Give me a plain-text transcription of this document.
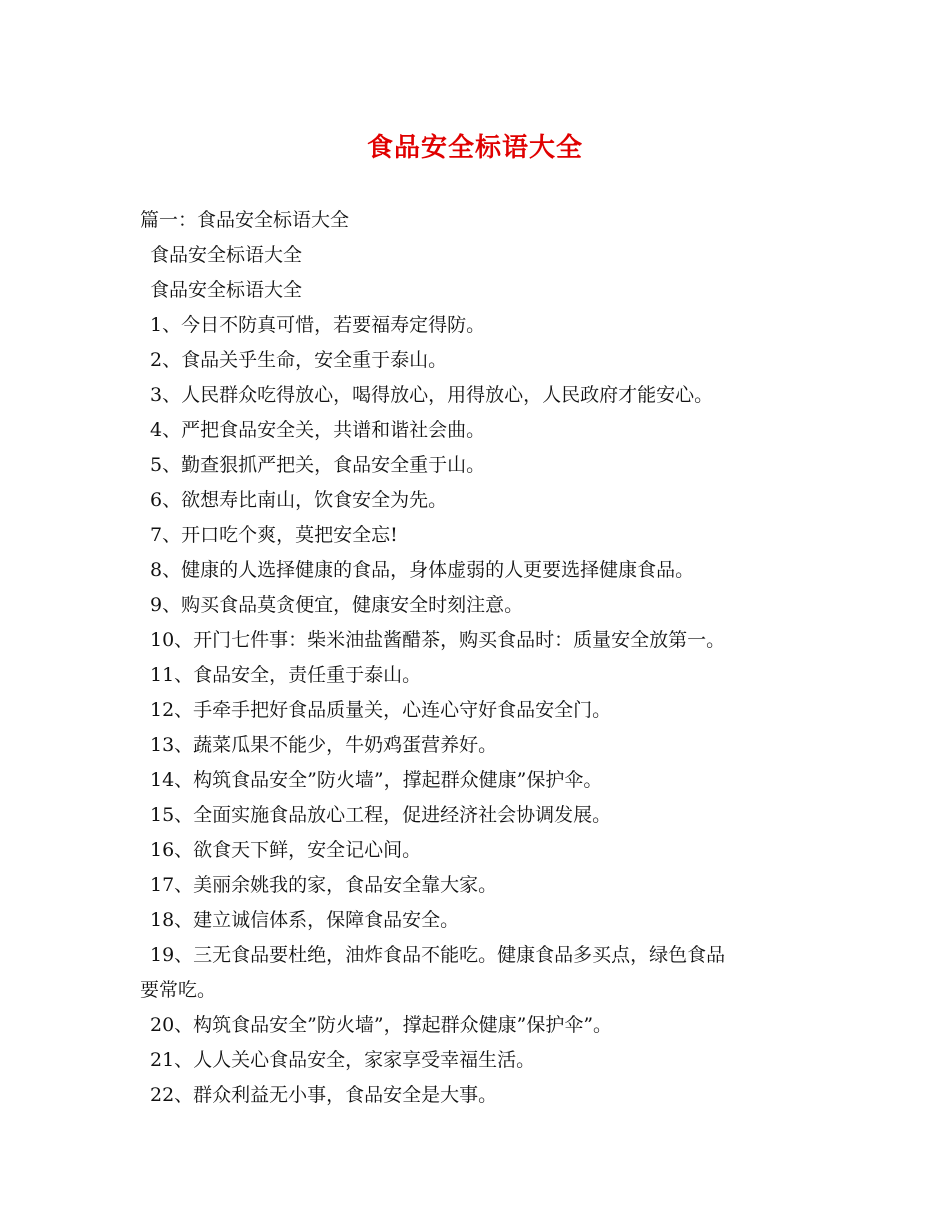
食品安全标语大全
篇一：食品安全标语大全
食品安全标语大全
食品安全标语大全
1、今日不防真可惜，若要福寿定得防。
2、食品关乎生命，安全重于泰山。
3、人民群众吃得放心，喝得放心，用得放心，人民政府才能安心。
4、严把食品安全关，共谱和谐社会曲。
5、勤查狠抓严把关，食品安全重于山。
6、欲想寿比南山，饮食安全为先。
7、开口吃个爽，莫把安全忘!
8、健康的人选择健康的食品，身体虚弱的人更要选择健康食品。
9、购买食品莫贪便宜，健康安全时刻注意。
10、开门七件事：柴米油盐酱醋茶，购买食品时：质量安全放第一。
11、食品安全，责任重于泰山。
12、手牵手把好食品质量关，心连心守好食品安全门。
13、蔬菜瓜果不能少，牛奶鸡蛋营养好。
14、构筑食品安全”防火墙”，撑起群众健康”保护伞。
15、全面实施食品放心工程，促进经济社会协调发展。
16、欲食天下鲜，安全记心间。
17、美丽余姚我的家，食品安全靠大家。
18、建立诚信体系，保障食品安全。
19、三无食品要杜绝，油炸食品不能吃。健康食品多买点，绿色食品
要常吃。
20、构筑食品安全”防火墙”，撑起群众健康”保护伞”。
21、人人关心食品安全，家家享受幸福生活。
22、群众利益无小事，食品安全是大事。
